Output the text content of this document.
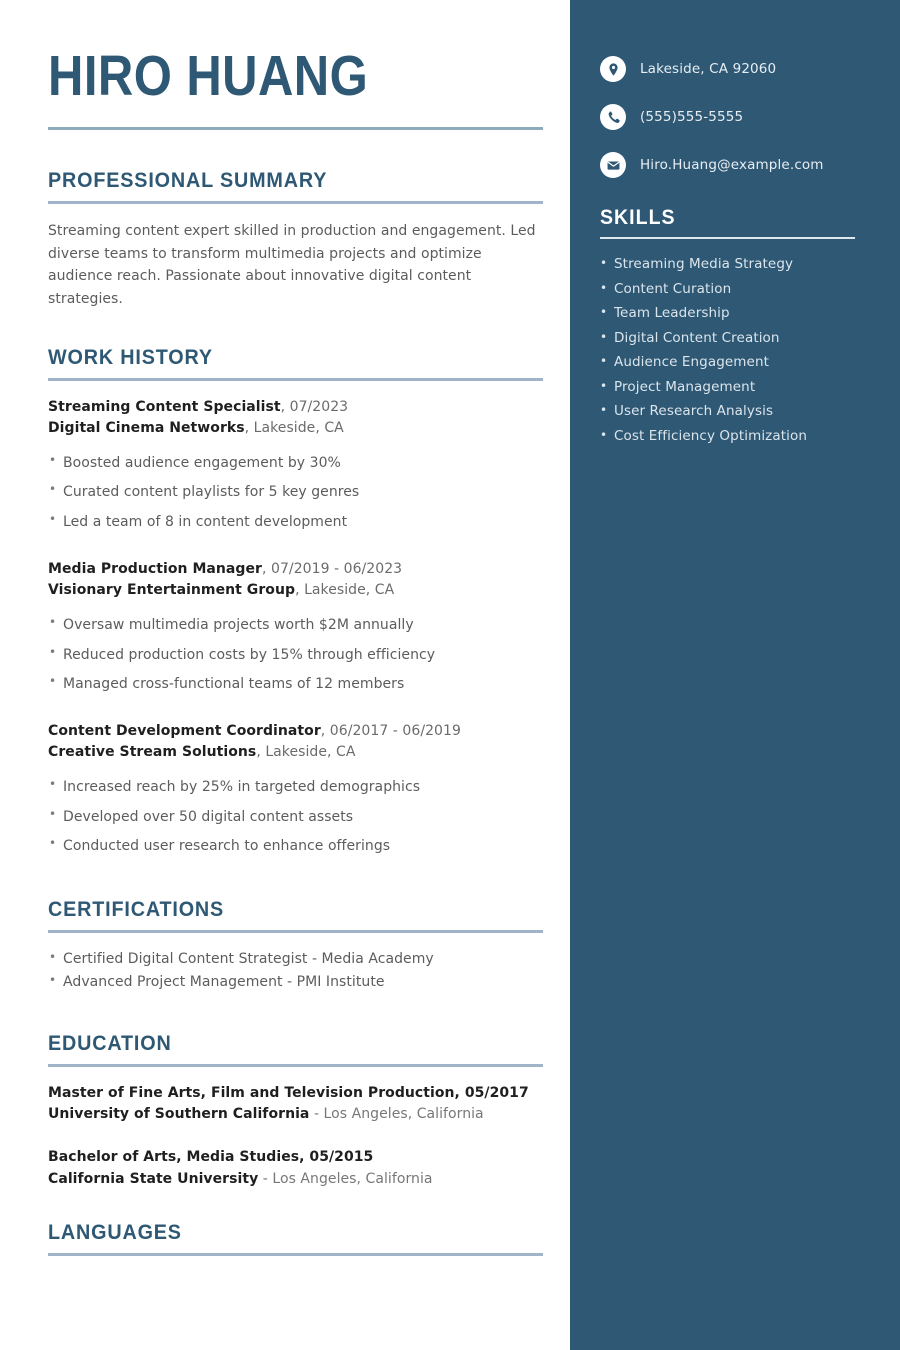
HIRO HUANG
PROFESSIONAL SUMMARY
Streaming content expert skilled in production and engagement. Led diverse teams to transform multimedia projects and optimize audience reach. Passionate about innovative digital content strategies.
WORK HISTORY
Streaming Content Specialist, 07/2023
Digital Cinema Networks, Lakeside, CA
• Boosted audience engagement by 30%
• Curated content playlists for 5 key genres
• Led a team of 8 in content development
Media Production Manager, 07/2019 - 06/2023
Visionary Entertainment Group, Lakeside, CA
• Oversaw multimedia projects worth $2M annually
• Reduced production costs by 15% through efficiency
• Managed cross-functional teams of 12 members
Content Development Coordinator, 06/2017 - 06/2019
Creative Stream Solutions, Lakeside, CA
• Increased reach by 25% in targeted demographics
• Developed over 50 digital content assets
• Conducted user research to enhance offerings
CERTIFICATIONS
• Certified Digital Content Strategist - Media Academy
• Advanced Project Management - PMI Institute
EDUCATION
Master of Fine Arts, Film and Television Production, 05/2017
University of Southern California - Los Angeles, California
Bachelor of Arts, Media Studies, 05/2015
California State University - Los Angeles, California
LANGUAGES
Lakeside, CA 92060
(555)555-5555
Hiro.Huang@example.com
SKILLS
• Streaming Media Strategy
• Content Curation
• Team Leadership
• Digital Content Creation
• Audience Engagement
• Project Management
• User Research Analysis
• Cost Efficiency Optimization
